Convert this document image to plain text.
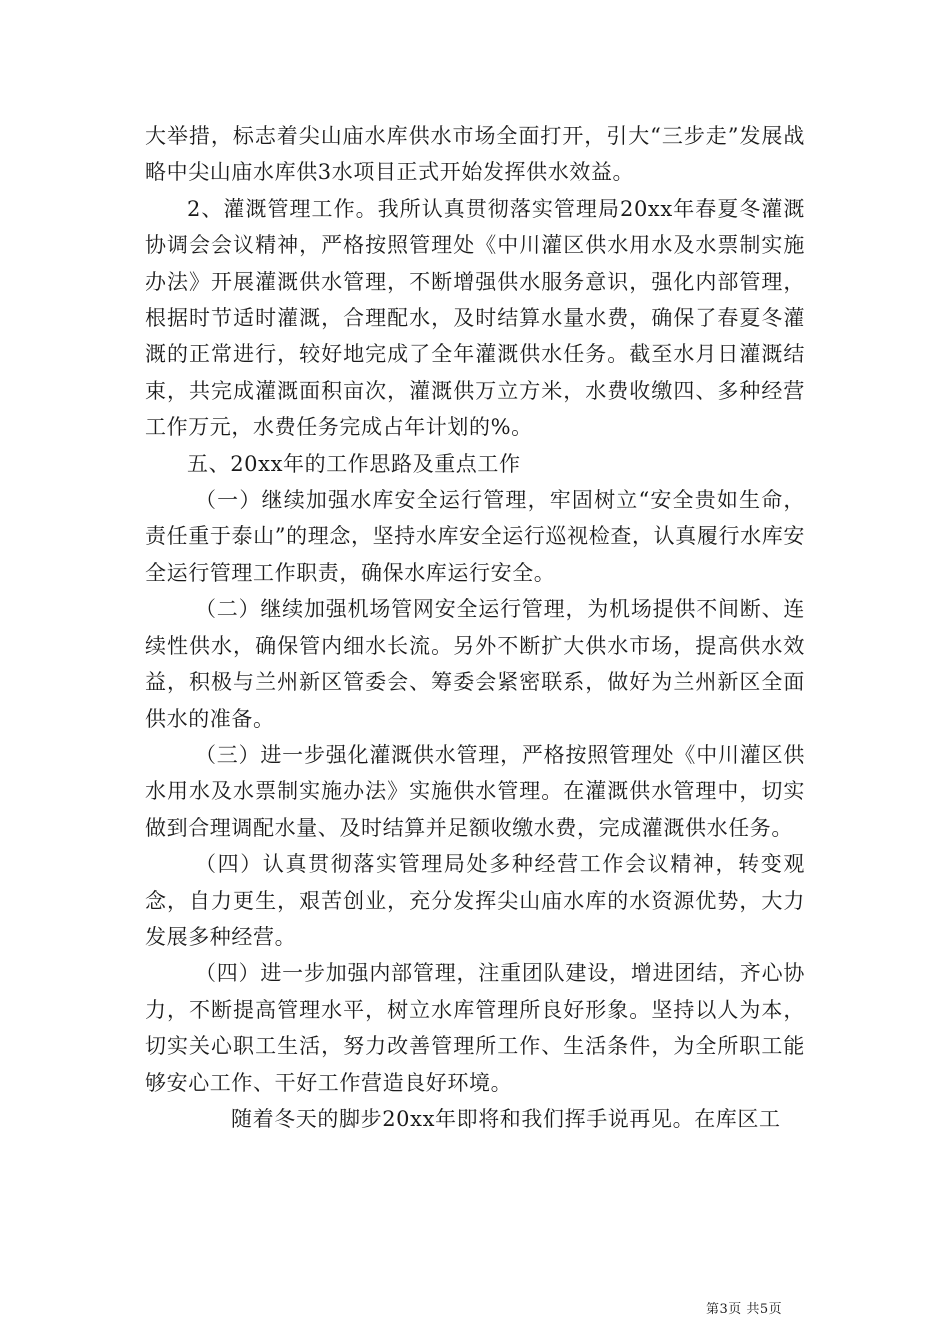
大举措，标志着尖山庙水库供水市场全面打开，引大“三步走”发展战略中尖山庙水库供3水项目正式开始发挥供水效益。

2、灌溉管理工作。我所认真贯彻落实管理局20xx年春夏冬灌溉协调会会议精神，严格按照管理处《中川灌区供水用水及水票制实施办法》开展灌溉供水管理，不断增强供水服务意识，强化内部管理，根据时节适时灌溉，合理配水，及时结算水量水费，确保了春夏冬灌溉的正常进行，较好地完成了全年灌溉供水任务。截至水月日灌溉结束，共完成灌溉面积亩次，灌溉供万立方米，水费收缴四、多种经营工作万元，水费任务完成占年计划的%。

五、20xx年的工作思路及重点工作

（一）继续加强水库安全运行管理，牢固树立“安全贵如生命，责任重于泰山”的理念，坚持水库安全运行巡视检查，认真履行水库安全运行管理工作职责，确保水库运行安全。

（二）继续加强机场管网安全运行管理，为机场提供不间断、连续性供水，确保管内细水长流。另外不断扩大供水市场，提高供水效益，积极与兰州新区管委会、筹委会紧密联系，做好为兰州新区全面供水的准备。

（三）进一步强化灌溉供水管理，严格按照管理处《中川灌区供水用水及水票制实施办法》实施供水管理。在灌溉供水管理中，切实做到合理调配水量、及时结算并足额收缴水费，完成灌溉供水任务。

（四）认真贯彻落实管理局处多种经营工作会议精神，转变观念，自力更生，艰苦创业，充分发挥尖山庙水库的水资源优势，大力发展多种经营。

（四）进一步加强内部管理，注重团队建设，增进团结，齐心协力，不断提高管理水平，树立水库管理所良好形象。坚持以人为本，切实关心职工生活，努力改善管理所工作、生活条件，为全所职工能够安心工作、干好工作营造良好环境。

随着冬天的脚步20xx年即将和我们挥手说再见。在库区工

第3页 共5页
